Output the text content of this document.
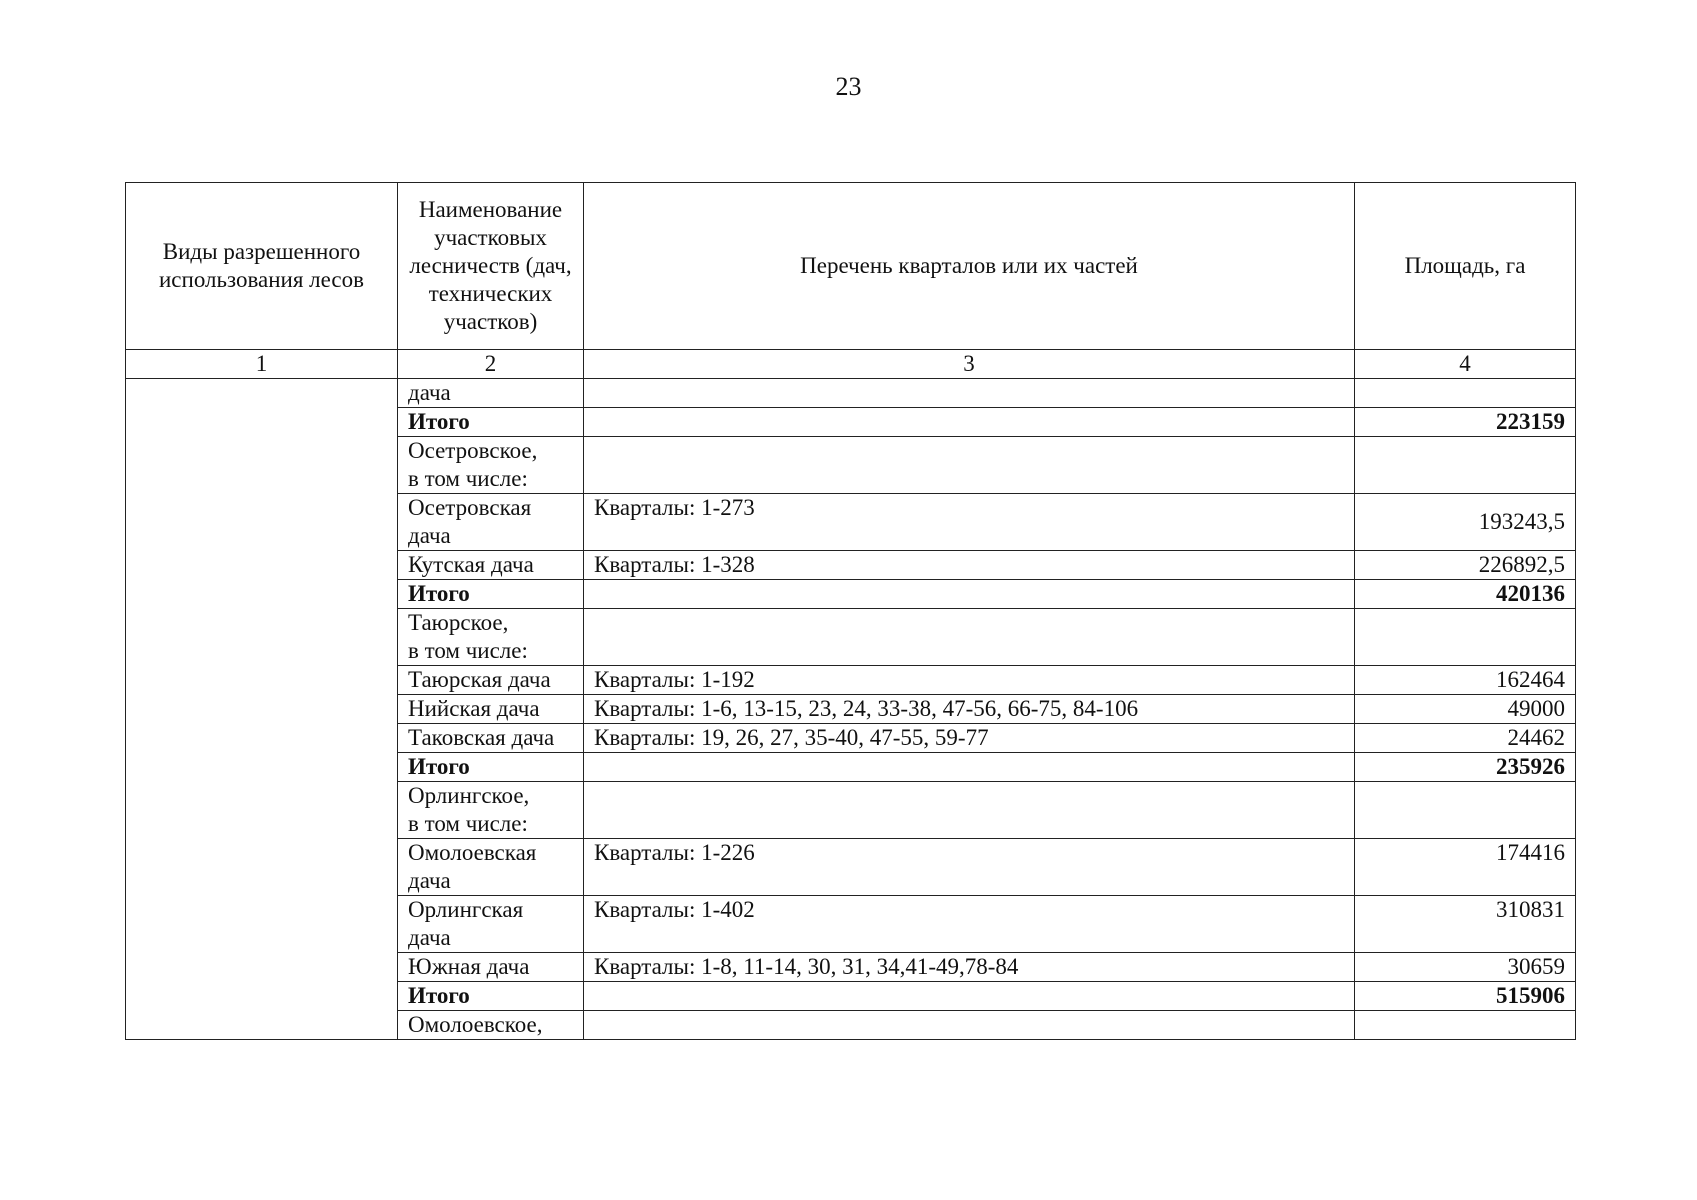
23
Виды разрешенного использования лесов	Наименование участковых лесничеств (дач, технических участков)	Перечень кварталов или их частей	Площадь, га
1	2	3	4
	дача		
	Итого		223159
	Осетровское,
в том числе:		
	Осетровская
дача	Кварталы: 1-273	193243,5
	Кутская дача	Кварталы: 1-328	226892,5
	Итого		420136
	Таюрское,
в том числе:		
	Таюрская дача	Кварталы: 1-192	162464
	Нийская дача	Кварталы: 1-6, 13-15, 23, 24, 33-38, 47-56, 66-75, 84-106	49000
	Таковская дача	Кварталы: 19, 26, 27, 35-40, 47-55, 59-77	24462
	Итого		235926
	Орлингское,
в том числе:		
	Омолоевская
дача	Кварталы: 1-226	174416
	Орлингская
дача	Кварталы: 1-402	310831
	Южная дача	Кварталы: 1-8, 11-14, 30, 31, 34,41-49,78-84	30659
	Итого		515906
	Омолоевское,		
